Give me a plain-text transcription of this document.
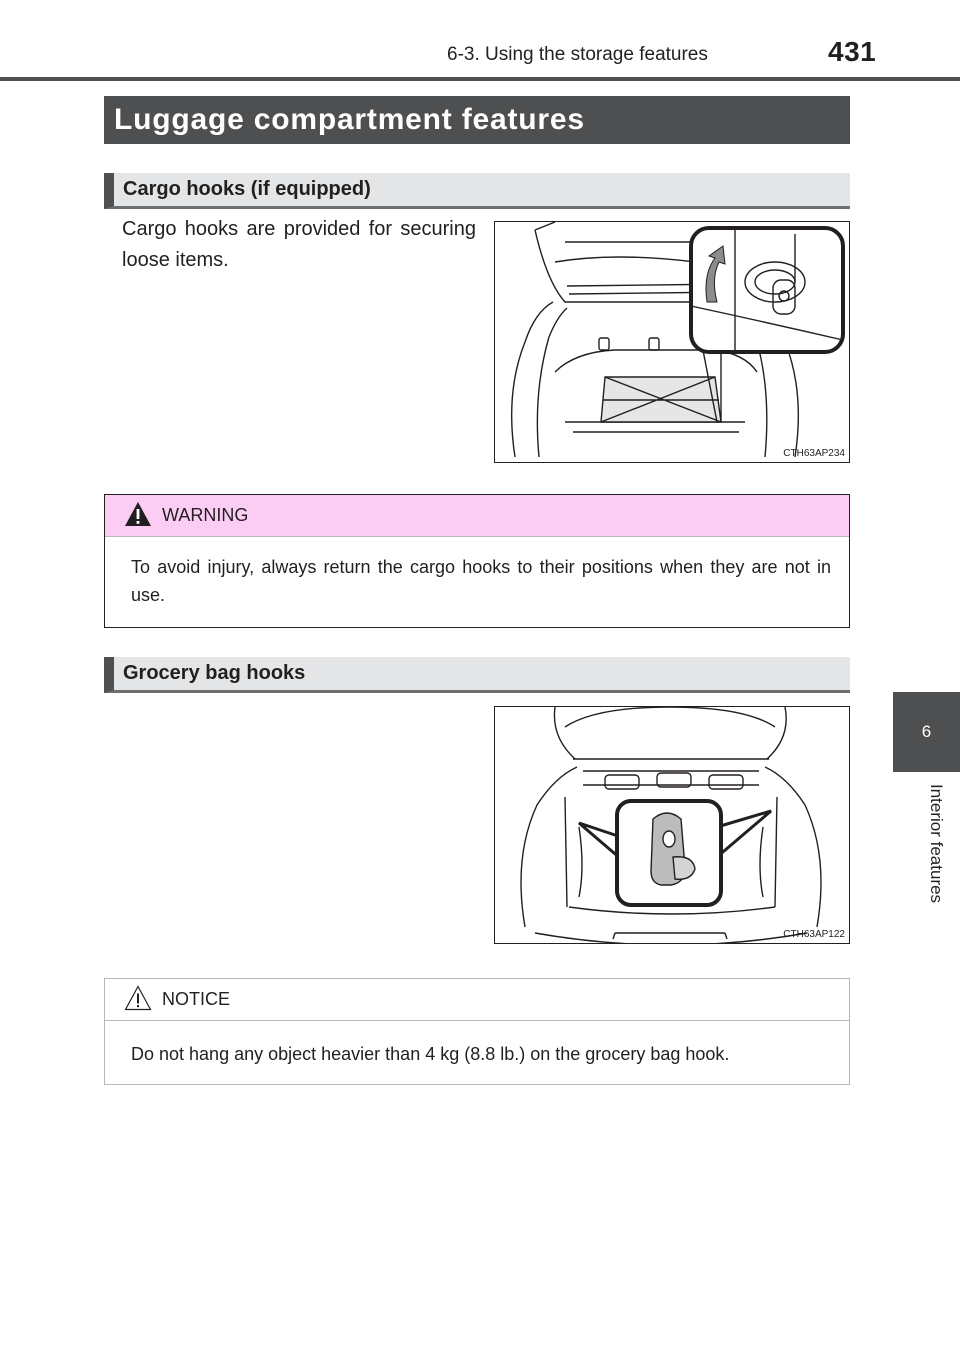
6-3. Using the storage features	431
6
Interior features
Luggage compartment features
Cargo hooks (if equipped)
Cargo hooks are provided for securing loose items.
CTH63AP234
WARNING
To avoid injury, always return the cargo hooks to their positions when they are not in use.
Grocery bag hooks
CTH63AP122
NOTICE
Do not hang any object heavier than 4 kg (8.8 lb.) on the grocery bag hook.
